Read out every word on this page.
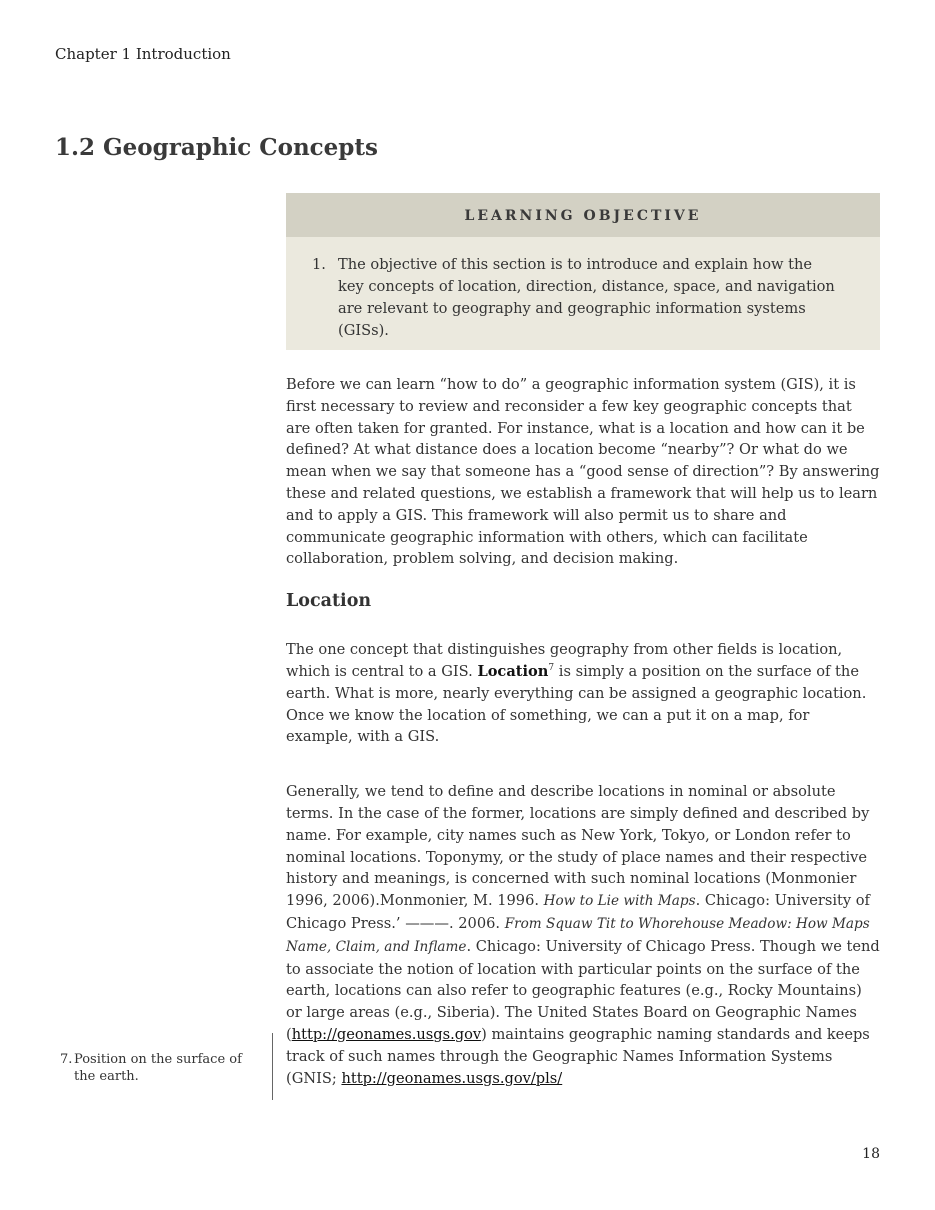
Chapter 1 Introduction
1.2 Geographic Concepts
LEARNING OBJECTIVE
1. The objective of this section is to introduce and explain how the key concepts of location, direction, distance, space, and navigation are relevant to geography and geographic information systems (GISs).

Before we can learn “how to do” a geographic information system (GIS), it is first necessary to review and reconsider a few key geographic concepts that are often taken for granted. For instance, what is a location and how can it be defined? At what distance does a location become “nearby”? Or what do we mean when we say that someone has a “good sense of direction”? By answering these and related questions, we establish a framework that will help us to learn and to apply a GIS. This framework will also permit us to share and communicate geographic information with others, which can facilitate collaboration, problem solving, and decision making.

Location

The one concept that distinguishes geography from other fields is location, which is central to a GIS. Location$^7$ is simply a position on the surface of the earth. What is more, nearly everything can be assigned a geographic location. Once we know the location of something, we can a put it on a map, for example, with a GIS.

Generally, we tend to define and describe locations in nominal or absolute terms. In the case of the former, locations are simply defined and described by name. For example, city names such as New York, Tokyo, or London refer to nominal locations. Toponymy, or the study of place names and their respective history and meanings, is concerned with such nominal locations (Monmonier 1996, 2006).Monmonier, M. 1996. How to Lie with Maps. Chicago: University of Chicago Press.’ ———. 2006. From Squaw Tit to Whorehouse Meadow: How Maps Name, Claim, and Inflame. Chicago: University of Chicago Press. Though we tend to associate the notion of location with particular points on the surface of the earth, locations can also refer to geographic features (e.g., Rocky Mountains) or large areas (e.g., Siberia). The United States Board on Geographic Names (http://geonames.usgs.gov) maintains geographic naming standards and keeps track of such names through the Geographic Names Information Systems (GNIS; http://geonames.usgs.gov/pls/

7. Position on the surface of the earth.
18
